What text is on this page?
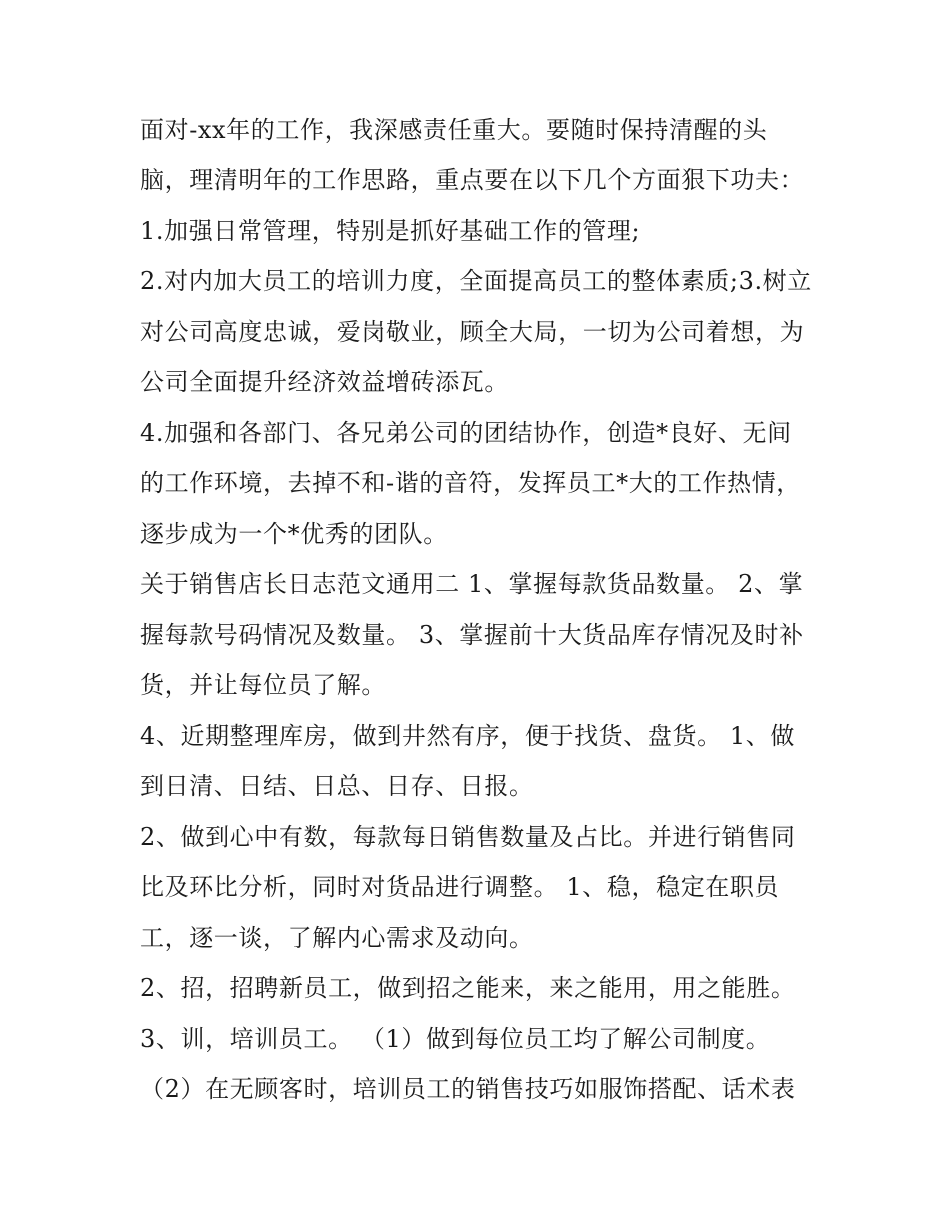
面对-xx年的工作，我深感责任重大。要随时保持清醒的头
脑，理清明年的工作思路，重点要在以下几个方面狠下功夫：
1.加强日常管理，特别是抓好基础工作的管理;
2.对内加大员工的培训力度，全面提高员工的整体素质;3.树立
对公司高度忠诚，爱岗敬业，顾全大局，一切为公司着想，为
公司全面提升经济效益增砖添瓦。
4.加强和各部门、各兄弟公司的团结协作，创造*良好、无间
的工作环境，去掉不和-谐的音符，发挥员工*大的工作热情，
逐步成为一个*优秀的团队。
关于销售店长日志范文通用二 1、掌握每款货品数量。 2、掌
握每款号码情况及数量。 3、掌握前十大货品库存情况及时补
货，并让每位员了解。
4、近期整理库房，做到井然有序，便于找货、盘货。 1、做
到日清、日结、日总、日存、日报。
2、做到心中有数，每款每日销售数量及占比。并进行销售同
比及环比分析，同时对货品进行调整。 1、稳，稳定在职员
工，逐一谈，了解内心需求及动向。
2、招，招聘新员工，做到招之能来，来之能用，用之能胜。
3、训，培训员工。 （1）做到每位员工均了解公司制度。
（2）在无顾客时，培训员工的销售技巧如服饰搭配、话术表
